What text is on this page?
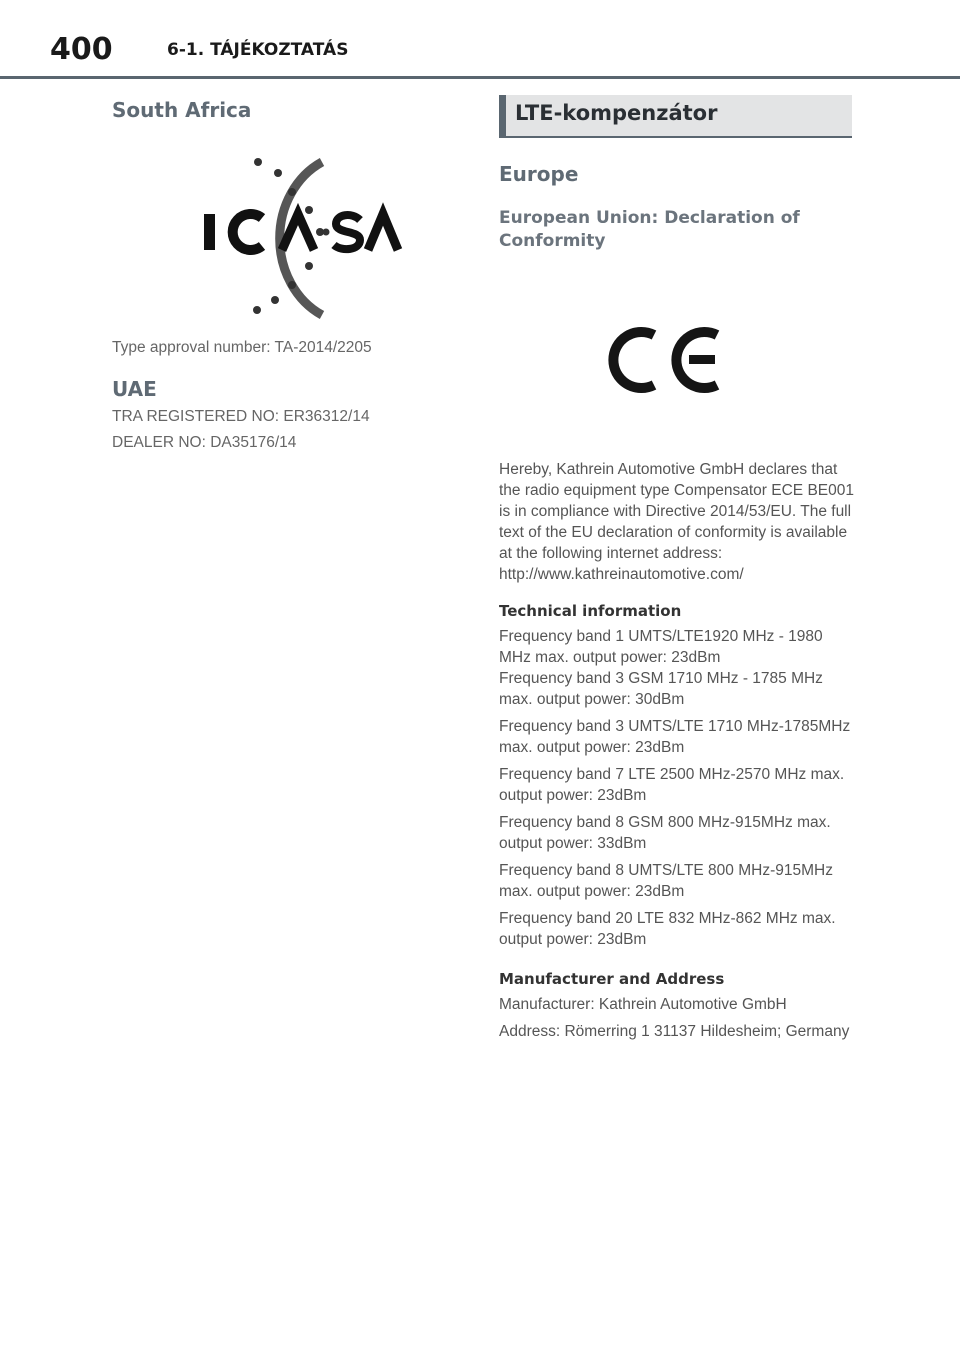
400	6-1. TÁJÉKOZTATÁS
South Africa

Type approval number: TA-2014/2205

UAE

TRA REGISTERED NO: ER36312/14

DEALER NO: DA35176/14

LTE-kompenzátor
Europe
European Union: Declaration of Conformity

Hereby, Kathrein Automotive GmbH declares that the radio equipment type Compensator ECE BE001 is in compliance with Directive 2014/53/EU. The full text of the EU declaration of conformity is available at the following internet address: http://www.kathreinautomotive.com/

Technical information

Frequency band 1 UMTS/LTE1920 MHz - 1980 MHz max. output power: 23dBm

Frequency band 3 GSM 1710 MHz - 1785 MHz max. output power: 30dBm

Frequency band 3 UMTS/LTE 1710 MHz-1785MHz max. output power: 23dBm

Frequency band 7 LTE 2500 MHz-2570 MHz max. output power: 23dBm

Frequency band 8 GSM 800 MHz-915MHz max. output power: 33dBm

Frequency band 8 UMTS/LTE 800 MHz-915MHz max. output power: 23dBm

Frequency band 20 LTE 832 MHz-862 MHz max. output power: 23dBm

Manufacturer and Address

Manufacturer: Kathrein Automotive GmbH

Address: Römerring 1 31137 Hildesheim; Germany
